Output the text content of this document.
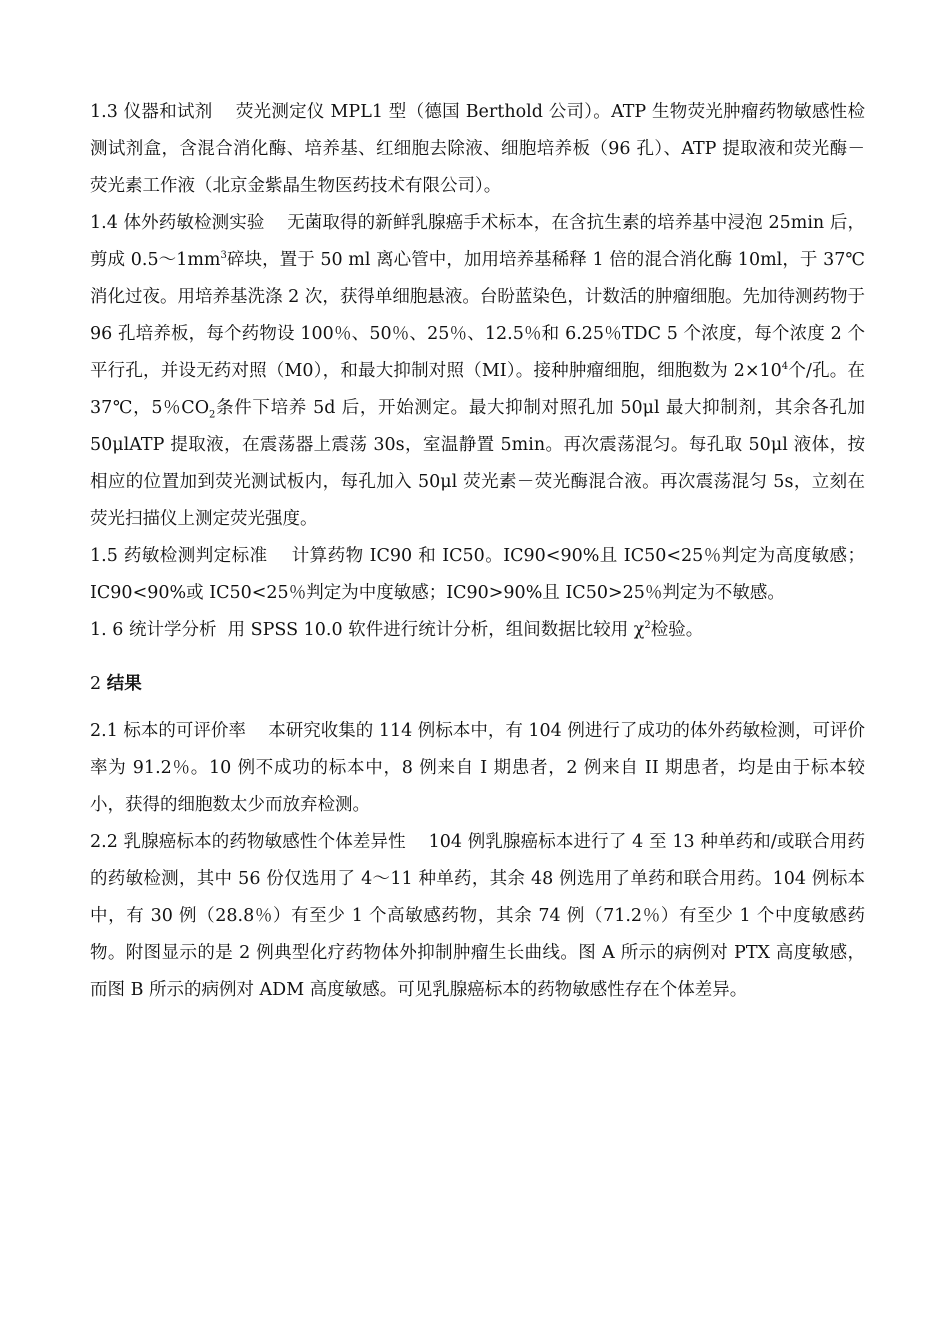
1.3 仪器和试剂 荧光测定仪 MPL1 型（德国 Berthold 公司）。ATP 生物荧光肿瘤药物敏感性检测试剂盒，含混合消化酶、培养基、红细胞去除液、细胞培养板（96 孔）、ATP 提取液和荧光酶－荧光素工作液（北京金紫晶生物医药技术有限公司）。

1.4 体外药敏检测实验 无菌取得的新鲜乳腺癌手术标本，在含抗生素的培养基中浸泡 25min 后，剪成 $0.5\sim 1mm^3$碎块，置于 50 ml 离心管中，加用培养基稀释 1 倍的混合消化酶 10ml，于 37℃消化过夜。用培养基洗涤 2 次，获得单细胞悬液。台盼蓝染色，计数活的肿瘤细胞。先加待测药物于 96 孔培养板，每个药物设 100％、50％、25％、12.5％和 6.25％TDC 5 个浓度，每个浓度 2 个平行孔，并设无药对照（M0），和最大抑制对照（MI）。接种肿瘤细胞，细胞数为 $2\times 10^4$个/孔。在 37℃，5％$CO_2$条件下培养 5d 后，开始测定。最大抑制对照孔加 50μl 最大抑制剂，其余各孔加 50μlATP 提取液，在震荡器上震荡 30s，室温静置 5min。再次震荡混匀。每孔取 50μl 液体，按相应的位置加到荧光测试板内，每孔加入 50μl 荧光素－荧光酶混合液。再次震荡混匀 5s，立刻在荧光扫描仪上测定荧光强度。

1.5 药敏检测判定标准 计算药物 IC90 和 IC50。IC90<90%且 IC50<25％判定为高度敏感；IC90<90%或 IC50<25％判定为中度敏感；IC90>90%且 IC50>25％判定为不敏感。

1. 6 统计学分析 用 SPSS 10.0 软件进行统计分析，组间数据比较用 $\chi^2$检验。

2 结果

2.1 标本的可评价率 本研究收集的 114 例标本中，有 104 例进行了成功的体外药敏检测，可评价率为 91.2％。10 例不成功的标本中，8 例来自 I 期患者，2 例来自 II 期患者，均是由于标本较小，获得的细胞数太少而放弃检测。

2.2 乳腺癌标本的药物敏感性个体差异性 104 例乳腺癌标本进行了 4 至 13 种单药和/或联合用药的药敏检测，其中 56 份仅选用了 4～11 种单药，其余 48 例选用了单药和联合用药。104 例标本中，有 30 例（28.8％）有至少 1 个高敏感药物，其余 74 例（71.2％）有至少 1 个中度敏感药物。附图显示的是 2 例典型化疗药物体外抑制肿瘤生长曲线。图 A 所示的病例对 PTX 高度敏感，而图 B 所示的病例对 ADM 高度敏感。可见乳腺癌标本的药物敏感性存在个体差异。
